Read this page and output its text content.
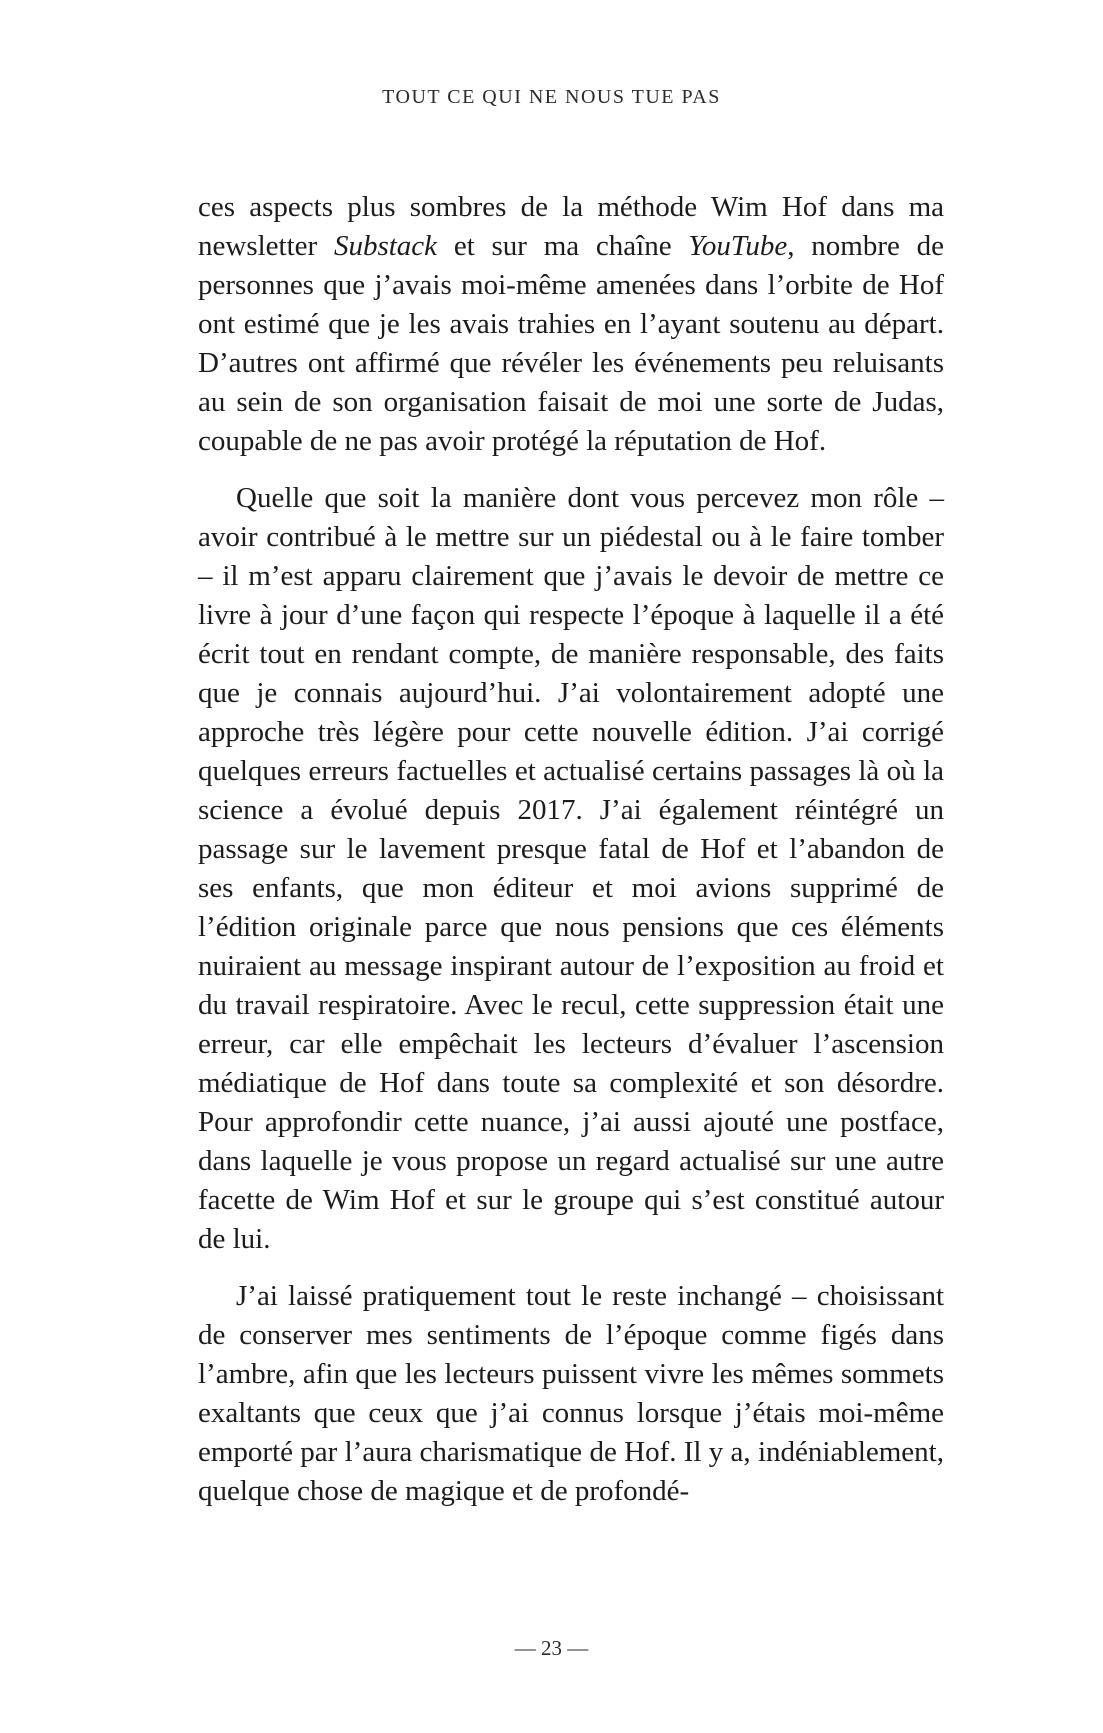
TOUT CE QUI NE NOUS TUE PAS

ces aspects plus sombres de la méthode Wim Hof dans ma newsletter Substack et sur ma chaîne YouTube, nombre de personnes que j’avais moi-même amenées dans l’orbite de Hof ont estimé que je les avais trahies en l’ayant soutenu au départ. D’autres ont affirmé que révéler les événements peu reluisants au sein de son organisation faisait de moi une sorte de Judas, coupable de ne pas avoir protégé la réputation de Hof.

Quelle que soit la manière dont vous percevez mon rôle – avoir contribué à le mettre sur un piédestal ou à le faire tomber – il m’est apparu clairement que j’avais le devoir de mettre ce livre à jour d’une façon qui respecte l’époque à laquelle il a été écrit tout en rendant compte, de manière responsable, des faits que je connais aujourd’hui. J’ai volontairement adopté une approche très légère pour cette nouvelle édition. J’ai corrigé quelques erreurs factuelles et actualisé certains passages là où la science a évolué depuis 2017. J’ai également réintégré un passage sur le lavement presque fatal de Hof et l’abandon de ses enfants, que mon éditeur et moi avions supprimé de l’édition originale parce que nous pensions que ces éléments nuiraient au message inspirant autour de l’exposition au froid et du travail respiratoire. Avec le recul, cette suppression était une erreur, car elle empêchait les lecteurs d’évaluer l’ascension médiatique de Hof dans toute sa complexité et son désordre. Pour approfondir cette nuance, j’ai aussi ajouté une postface, dans laquelle je vous propose un regard actualisé sur une autre facette de Wim Hof et sur le groupe qui s’est constitué autour de lui.

J’ai laissé pratiquement tout le reste inchangé – choisissant de conserver mes sentiments de l’époque comme figés dans l’ambre, afin que les lecteurs puissent vivre les mêmes sommets exaltants que ceux que j’ai connus lorsque j’étais moi-même emporté par l’aura charismatique de Hof. Il y a, indéniablement, quelque chose de magique et de profondé-

— 23 —
